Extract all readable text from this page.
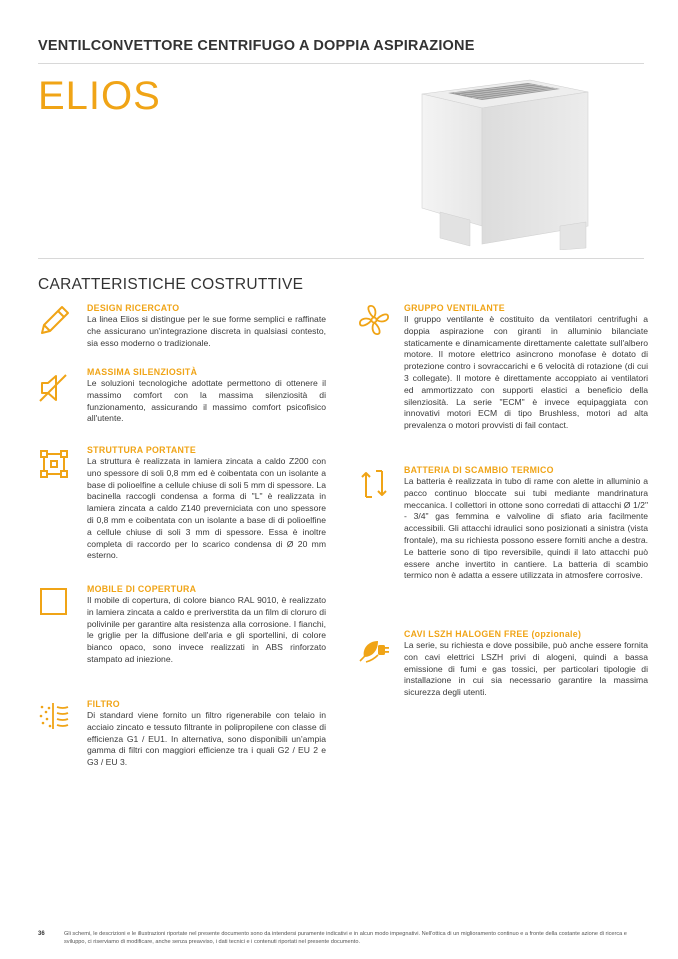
VENTILCONVETTORE CENTRIFUGO A DOPPIA ASPIRAZIONE
ELIOS
CARATTERISTICHE COSTRUTTIVE
DESIGN RICERCATO
La linea Elios si distingue per le sue forme semplici e raffinate che assicurano un'integrazione discreta in qualsiasi contesto, sia esso moderno o tradizionale.
MASSIMA SILENZIOSITÀ
Le soluzioni tecnologiche adottate permettono di ottenere il massimo comfort con la massima silenziosità di funzionamento, assicurando il massimo comfort psicofisico all'utente.
STRUTTURA PORTANTE
La struttura è realizzata in lamiera zincata a caldo Z200 con uno spessore di soli 0,8 mm ed è coibentata con un isolante a base di polioelfine a cellule chiuse di soli 5 mm di spessore. La bacinella raccogli condensa a forma di "L" è realizzata in lamiera zincata a caldo Z140 preverniciata con uno spessore di 0,8 mm e coibentata con un isolante a base di di polioelfine a cellule chiuse di soli 3 mm di spessore. Essa è inoltre completa di raccordo per lo scarico condensa di Ø 20 mm esterno.
MOBILE DI COPERTURA
Il mobile di copertura, di colore bianco RAL 9010, è realizzato in lamiera zincata a caldo e preriverstita da un film di cloruro di polivinile per garantire alta resistenza alla corrosione. I fianchi, le griglie per la diffusione dell'aria e gli sportellini, di colore bianco opaco, sono invece realizzati in ABS rinforzato stampato ad iniezione.
FILTRO
Di standard viene fornito un filtro rigenerabile con telaio in acciaio zincato e tessuto filtrante in polipropilene con classe di efficienza G1 / EU1. In alternativa, sono disponibili un'ampia gamma di filtri con maggiori efficienze tra i quali G2 / EU 2 e G3 / EU 3.
GRUPPO VENTILANTE
Il gruppo ventilante è costituito da ventilatori centrifughi a doppia aspirazione con giranti in alluminio bilanciate staticamente e dinamicamente direttamente calettate sull'albero motore. Il motore elettrico asincrono monofase è dotato di protezione contro i sovraccarichi e 6 velocità di rotazione (di cui 3 collegate). Il motore è direttamente accoppiato ai ventilatori ed ammortizzato con supporti elastici a beneficio della silenziosità. La serie "ECM" è invece equipaggiata con innovativi motori ECM di tipo Brushless, motori ad alta prevalenza o motori provvisti di fail contact.
BATTERIA DI SCAMBIO TERMICO
La batteria è realizzata in tubo di rame con alette in alluminio a pacco continuo bloccate sui tubi mediante mandrinatura meccanica. I collettori in ottone sono corredati di attacchi Ø 1/2" - 3/4" gas femmina e valvoline di sfiato aria facilmente accessibili. Gli attacchi idraulici sono posizionati a sinistra (vista frontale), ma su richiesta possono essere forniti anche a destra. Le batterie sono di tipo reversibile, quindi il lato attacchi può essere anche invertito in cantiere. La batteria di scambio termico non è adatta a essere utilizzata in atmosfere corrosive.
CAVI LSZH HALOGEN FREE (opzionale)
La serie, su richiesta e dove possibile, può anche essere fornita con cavi elettrici LSZH privi di alogeni, quindi a bassa emissione di fumi e gas tossici, per particolari tipologie di installazione in cui sia necessario garantire la massima sicurezza degli utenti.
36	Gli schemi, le descrizioni e le illustrazioni riportate nel presente documento sono da intendersi puramente indicativi e in alcun modo impegnativi. Nell'ottica di un miglioramento continuo e a fronte della costante azione di ricerca e sviluppo, ci riserviamo di modificare, anche senza preavviso, i dati tecnici e i contenuti riportati nel presente documento.
